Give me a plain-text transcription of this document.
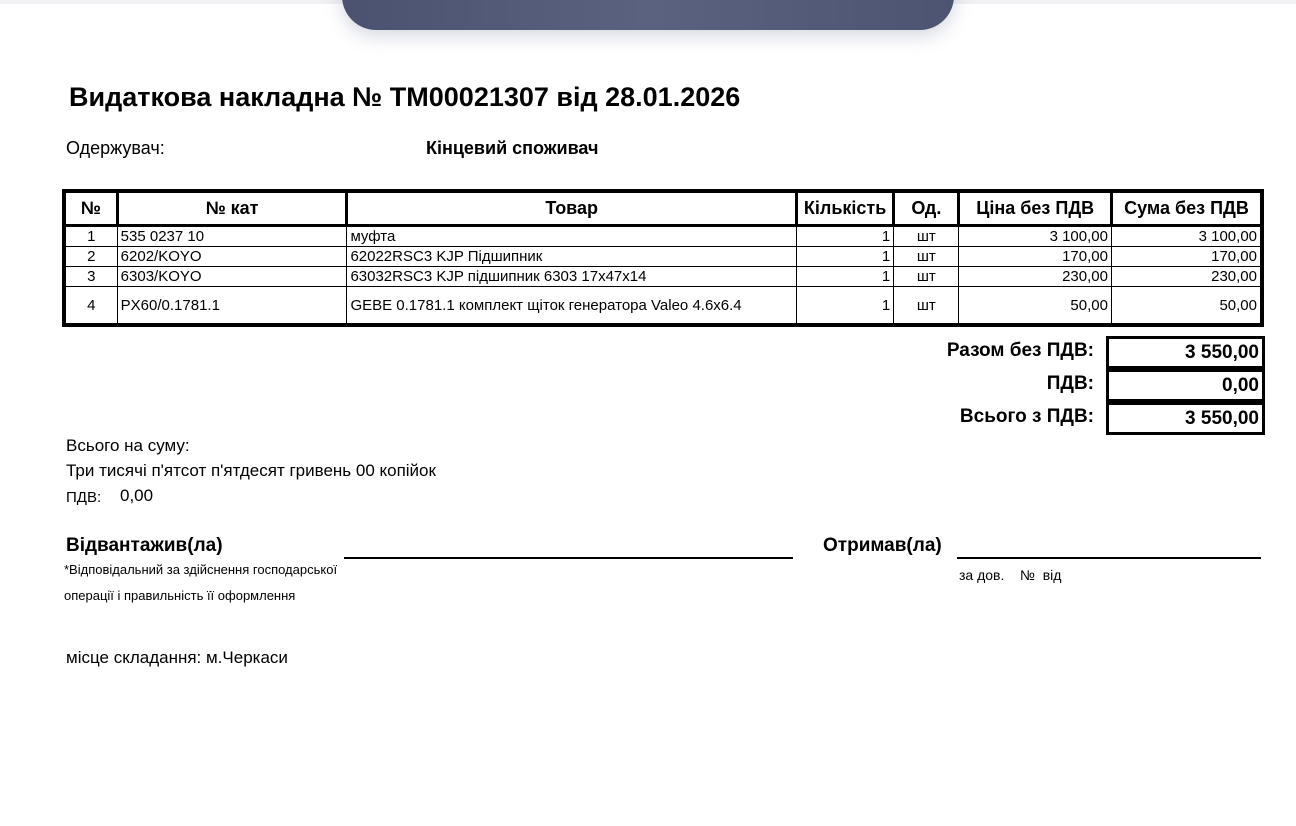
Видаткова накладна № ТМ00021307 від 28.01.2026
Одержувач:	Кінцевий споживач
№	№ кат	Товар	Кількість	Од.	Ціна без ПДВ	Сума без ПДВ
1	535 0237 10	муфта	1	шт	3 100,00	3 100,00
2	6202/KOYO	62022RSC3 KJP Підшипник	1	шт	170,00	170,00
3	6303/KOYO	63032RSC3 KJP підшипник 6303 17х47х14	1	шт	230,00	230,00
4	PX60/0.1781.1	GEBE 0.1781.1 комплект щіток генератора Valeo 4.6x6.4	1	шт	50,00	50,00
Разом без ПДВ:	3 550,00
ПДВ:	0,00
Всього з ПДВ:	3 550,00
Всього на суму:
Три тисячі п'ятсот п'ятдесят гривень 00 копійок
ПДВ: 0,00
Відвантажив(ла)
*Відповідальний за здійснення господарської
операції і правильність її оформлення
Отримав(ла)
за дов.    №  від
місце складання: м.Черкаси
